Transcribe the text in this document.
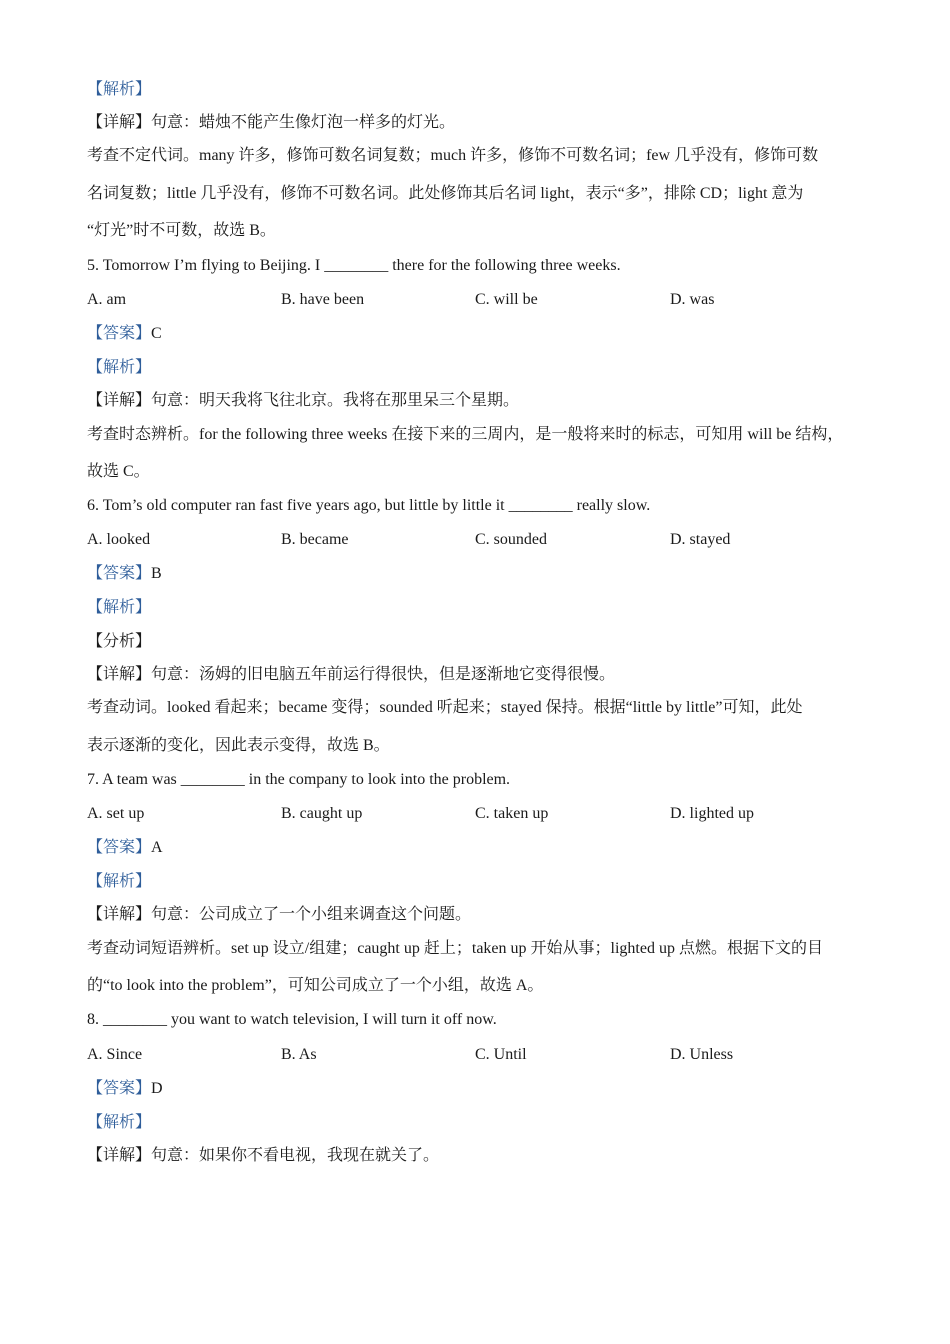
【解析】
【详解】句意：蜡烛不能产生像灯泡一样多的灯光。
考查不定代词。many 许多，修饰可数名词复数；much 许多，修饰不可数名词；few 几乎没有，修饰可数
名词复数；little 几乎没有，修饰不可数名词。此处修饰其后名词 light，表示“多”，排除 CD；light 意为
“灯光”时不可数，故选 B。
5. Tomorrow I’m flying to Beijing. I ________ there for the following three weeks.
A. am	B. have been	C. will be	D. was
【答案】C
【解析】
【详解】句意：明天我将飞往北京。我将在那里呆三个星期。
考查时态辨析。for the following three weeks 在接下来的三周内，是一般将来时的标志，可知用 will be 结构，
故选 C。
6. Tom’s old computer ran fast five years ago, but little by little it ________ really slow.
A. looked	B. became	C. sounded	D. stayed
【答案】B
【解析】
【分析】
【详解】句意：汤姆的旧电脑五年前运行得很快，但是逐渐地它变得很慢。
考查动词。looked 看起来；became 变得；sounded 听起来；stayed 保持。根据“little by little”可知，此处
表示逐渐的变化，因此表示变得，故选 B。
7. A team was ________ in the company to look into the problem.
A. set up	B. caught up	C. taken up	D. lighted up
【答案】A
【解析】
【详解】句意：公司成立了一个小组来调查这个问题。
考查动词短语辨析。set up 设立/组建；caught up 赶上；taken up 开始从事；lighted up 点燃。根据下文的目
的“to look into the problem”，可知公司成立了一个小组，故选 A。
8. ________ you want to watch television, I will turn it off now.
A. Since	B. As	C. Until	D. Unless
【答案】D
【解析】
【详解】句意：如果你不看电视，我现在就关了。
